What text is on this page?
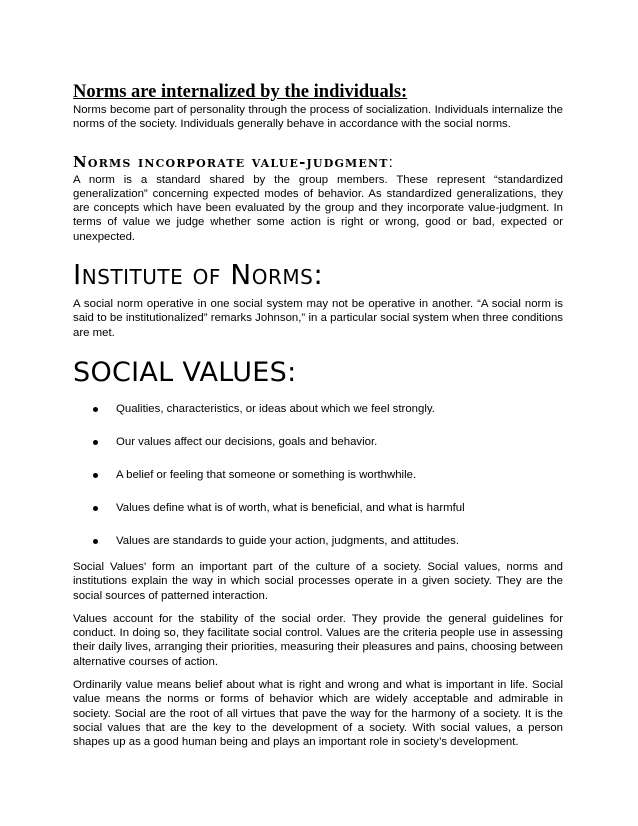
Norms are internalized by the individuals:

Norms become part of personality through the process of socialization. Individuals internalize the norms of the society. Individuals generally behave in accordance with the social norms.

Norms incorporate value-judgment:

A norm is a standard shared by the group members. These represent “standardized generalization” concerning expected modes of behavior. As standardized generalizations, they are concepts which have been evaluated by the group and they incorporate value-judgment. In terms of value we judge whether some action is right or wrong, good or bad, expected or unexpected.

Institute of Norms:

A social norm operative in one social system may not be operative in another. “A social norm is said to be institutionalized” remarks Johnson,” in a particular social system when three conditions are met.

SOCIAL VALUES:
Qualities, characteristics, or ideas about which we feel strongly.
Our values affect our decisions, goals and behavior.
A belief or feeling that someone or something is worthwhile.
Values define what is of worth, what is beneficial, and what is harmful
Values are standards to guide your action, judgments, and attitudes.

Social Values' form an important part of the culture of a society. Social values, norms and institutions explain the way in which social processes operate in a given society. They are the social sources of patterned interaction.

Values account for the stability of the social order. They provide the general guidelines for conduct. In doing so, they facilitate social control. Values are the criteria people use in assessing their daily lives, arranging their priorities, measuring their pleasures and pains, choosing between alternative courses of action.

Ordinarily value means belief about what is right and wrong and what is important in life. Social value means the norms or forms of behavior which are widely acceptable and admirable in society. Social are the root of all virtues that pave the way for the harmony of a society. It is the social values that are the key to the development of a society. With social values, a person shapes up as a good human being and plays an important role in society’s development.
